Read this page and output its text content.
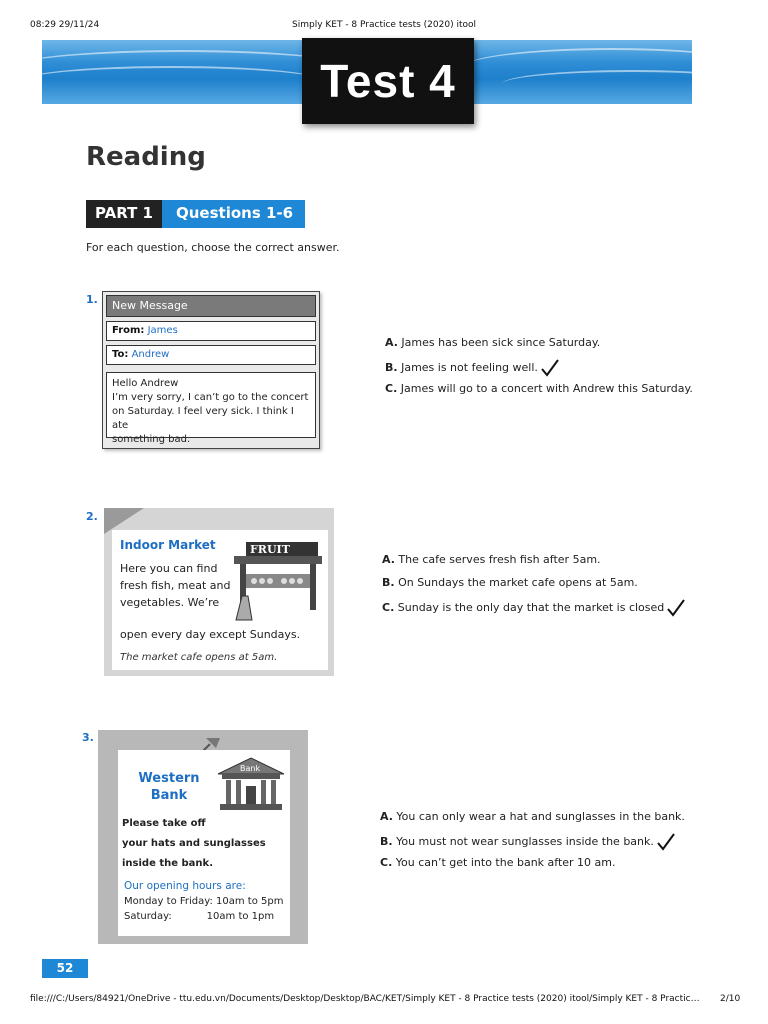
08:29 29/11/24	Simply KET - 8 Practice tests (2020) itool
Test 4
Reading
PART 1	Questions 1-6
For each question, choose the correct answer.
1.	New Message
From: James
To: Andrew
Hello Andrew
I’m very sorry, I can’t go to the concert
on Saturday. I feel very sick. I think I ate
something bad.
A. James has been sick since Saturday.
B. James is not feeling well.
C. James will go to a concert with Andrew this Saturday.
2.
Indoor Market
Here you can find
fresh fish, meat and
vegetables. We’re
open every day except Sundays.
The market cafe opens at 5am.
FRUIT
A. The cafe serves fresh fish after 5am.
B. On Sundays the market cafe opens at 5am.
C. Sunday is the only day that the market is closed
3.
Western
Bank
Bank
Please take off
your hats and sunglasses
inside the bank.
Our opening hours are:
Monday to Friday: 10am to 5pm
Saturday:           10am to 1pm
A. You can only wear a hat and sunglasses in the bank.
B. You must not wear sunglasses inside the bank.
C. You can’t get into the bank after 10 am.
52
file:///C:/Users/84921/OneDrive - ttu.edu.vn/Documents/Desktop/Desktop/BAC/KET/Simply KET - 8 Practice tests (2020) itool/Simply KET - 8 Practic… 2/10
